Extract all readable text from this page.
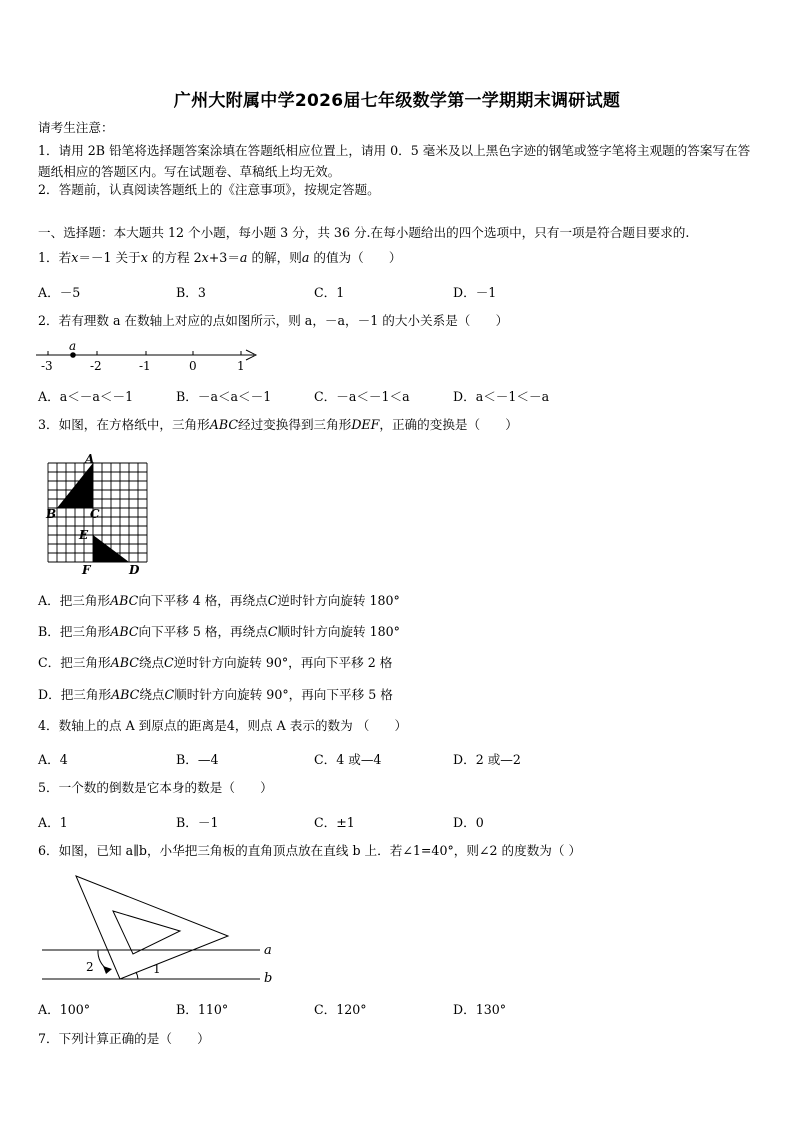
广州大附属中学2026届七年级数学第一学期期末调研试题
请考生注意：
1．请用 2B 铅笔将选择题答案涂填在答题纸相应位置上，请用 0．5 毫米及以上黑色字迹的钢笔或签字笔将主观题的答案写在答题纸相应的答题区内。写在试题卷、草稿纸上均无效。
2．答题前，认真阅读答题纸上的《注意事项》，按规定答题。
一、选择题：本大题共 12 个小题，每小题 3 分，共 36 分.在每小题给出的四个选项中，只有一项是符合题目要求的.
1．若x＝－1 关于x 的方程 2x+3＝a 的解，则a 的值为（　　）
A．－5	B．3	C．1	D．－1
2．若有理数 a 在数轴上对应的点如图所示，则 a，－a，－1 的大小关系是（　　）
a
-3	-2	-1	0	1
A．a＜－a＜－1	B．－a＜a＜－1	C．－a＜－1＜a	D．a＜－1＜－a
3．如图，在方格纸中，三角形ABC经过变换得到三角形DEF，正确的变换是（　　）
A
B	C
E
F	D
A．把三角形ABC向下平移 4 格，再绕点C逆时针方向旋转 180°
B．把三角形ABC向下平移 5 格，再绕点C顺时针方向旋转 180°
C．把三角形ABC绕点C逆时针方向旋转 90°，再向下平移 2 格
D．把三角形ABC绕点C顺时针方向旋转 90°，再向下平移 5 格
4．数轴上的点 A 到原点的距离是4，则点 A 表示的数为 （　　）
A．4	B．—4	C．4 或—4	D．2 或—2
5．一个数的倒数是它本身的数是（　　）
A．1	B．－1	C．±1	D．0
6．如图，已知 a∥b，小华把三角板的直角顶点放在直线 b 上．若∠1=40°，则∠2 的度数为（ ）
2	1
a
b
A．100°	B．110°	C．120°	D．130°
7．下列计算正确的是（　　）
